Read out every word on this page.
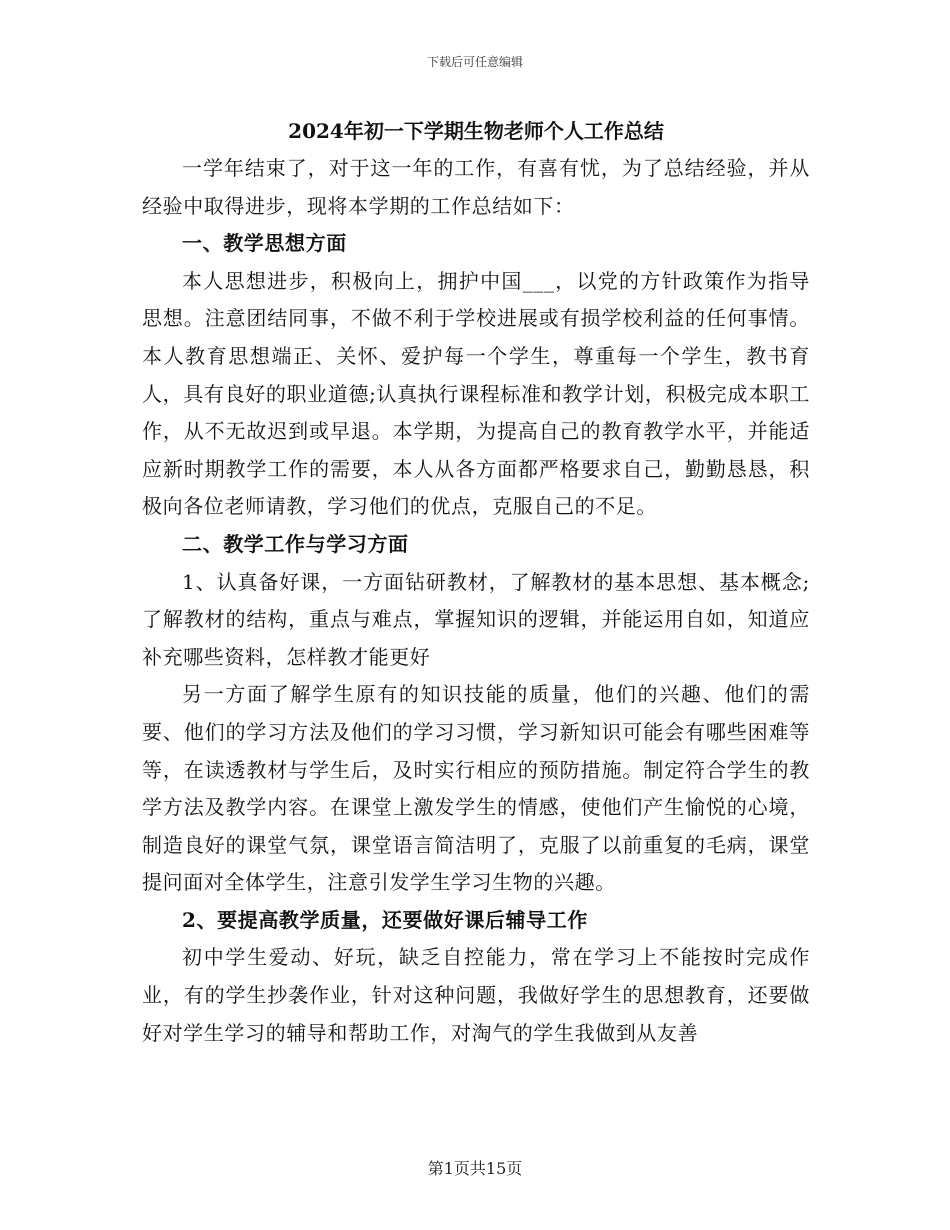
下载后可任意编辑

2024年初一下学期生物老师个人工作总结

一学年结束了，对于这一年的工作，有喜有忧，为了总结经验，并从经验中取得进步，现将本学期的工作总结如下：

一、教学思想方面

本人思想进步，积极向上，拥护中国___，以党的方针政策作为指导思想。注意团结同事，不做不利于学校进展或有损学校利益的任何事情。本人教育思想端正、关怀、爱护每一个学生，尊重每一个学生，教书育人，具有良好的职业道德;认真执行课程标准和教学计划，积极完成本职工作，从不无故迟到或早退。本学期，为提高自己的教育教学水平，并能适应新时期教学工作的需要，本人从各方面都严格要求自己，勤勤恳恳，积极向各位老师请教，学习他们的优点，克服自己的不足。

二、教学工作与学习方面

1、认真备好课，一方面钻研教材，了解教材的基本思想、基本概念;了解教材的结构，重点与难点，掌握知识的逻辑，并能运用自如，知道应补充哪些资料，怎样教才能更好

另一方面了解学生原有的知识技能的质量，他们的兴趣、他们的需要、他们的学习方法及他们的学习习惯，学习新知识可能会有哪些困难等等，在读透教材与学生后，及时实行相应的预防措施。制定符合学生的教学方法及教学内容。在课堂上激发学生的情感，使他们产生愉悦的心境，制造良好的课堂气氛，课堂语言简洁明了，克服了以前重复的毛病，课堂提问面对全体学生，注意引发学生学习生物的兴趣。

2、要提高教学质量，还要做好课后辅导工作

初中学生爱动、好玩，缺乏自控能力，常在学习上不能按时完成作业，有的学生抄袭作业，针对这种问题，我做好学生的思想教育，还要做好对学生学习的辅导和帮助工作，对淘气的学生我做到从友善

第1页共15页
